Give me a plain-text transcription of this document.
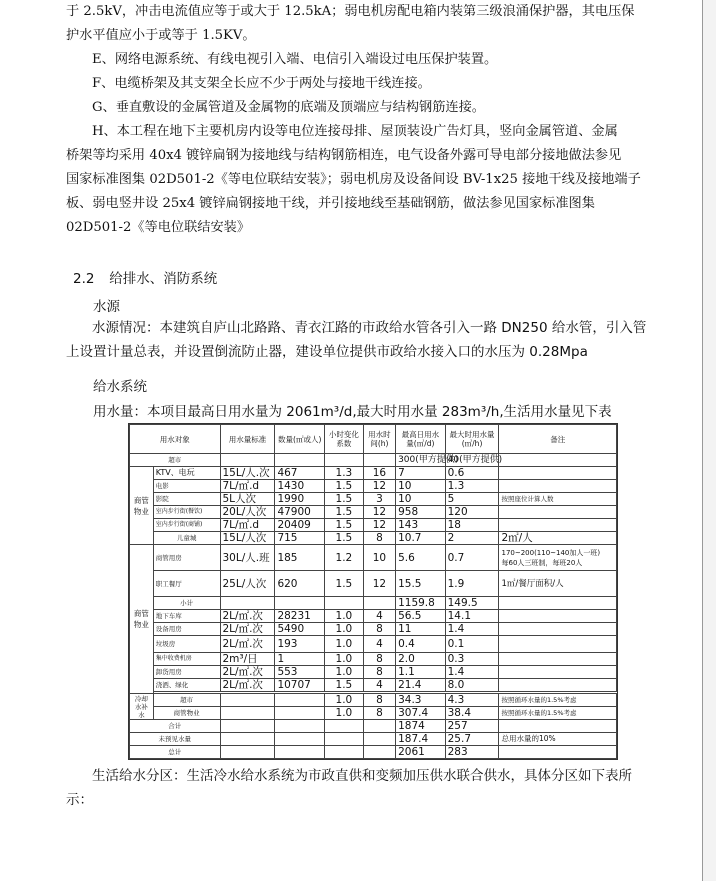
于 2.5kV，冲击电流值应等于或大于 12.5kA；弱电机房配电箱内装第三级浪涌保护器，其电压保
护水平值应小于或等于 1.5KV。
E、网络电源系统、有线电视引入端、电信引入端设过电压保护装置。
F、电缆桥架及其支架全长应不少于两处与接地干线连接。
G、垂直敷设的金属管道及金属物的底端及顶端应与结构钢筋连接。
H、本工程在地下主要机房内设等电位连接母排、屋顶装设广告灯具，竖向金属管道、金属
桥架等均采用 40x4 镀锌扁钢为接地线与结构钢筋相连，电气设备外露可导电部分接地做法参见
国家标准图集 02D501-2《等电位联结安装》；弱电机房及设备间设 BV-1x25 接地干线及接地端子
板、弱电竖井设 25x4 镀锌扁钢接地干线，并引接地线至基础钢筋，做法参见国家标准图集
02D501-2《等电位联结安装》
2.2 给排水、消防系统
水源
水源情况：本建筑自庐山北路路、青衣江路的市政给水管各引入一路 DN250 给水管，引入管
上设置计量总表，并设置倒流防止器，建设单位提供市政给水接入口的水压为 0.28Mpa
给水系统
用水量：本项目最高日用水量为 2061m³/d,最大时用水量 283m³/h,生活用水量见下表
用水对象		用水量标准	数量(㎡或人)	小时变化系数	用水时间(h)	最高日用水量(㎥/d)	最大时用水量(㎥/h)	备注
超市						300(甲方提供)	40(甲方提供)	
商管物业	KTV、电玩	15L/人.次	467	1.3	16	7	0.6	
	电影	7L/㎡.d	1430	1.5	12	10	1.3	
	影院	5L人次	1990	1.5	3	10	5	按照座位计算人数
	室内步行街(餐饮)	20L/人次	47900	1.5	12	958	120	
	室内步行街(商铺)	7L/㎡.d	20409	1.5	12	143	18	
	儿童城	15L/人次	715	1.5	8	10.7	2	2㎡/人
商管物业	商管用房	30L/人.班	185	1.2	10	5.6	0.7	170~200(110~140加人一班)
每60人三班制，每班20人
	职工餐厅	25L/人次	620	1.5	12	15.5	1.9	1㎡/餐厅面积/人
	小计					1159.8	149.5	
	地下车库	2L/㎡.次	28231	1.0	4	56.5	14.1	
	设备用房	2L/㎡.次	5490	1.0	8	11	1.4	
	垃圾房	2L/㎡.次	193	1.0	4	0.4	0.1	
	集中收费机房	2m³/日	1	1.0	8	2.0	0.3	
	卸货用房	2L/㎡.次	553	1.0	8	1.1	1.4	
	浇洒、绿化	2L/㎡.次	10707	1.5	4	21.4	8.0	

冷却水补水	超市			1.0	8	34.3	4.3	按照循环水量的1.5%考虑
	商管物业			1.0	8	307.4	38.4	按照循环水量的1.5%考虑
合计						1874	257	
未预见水量						187.4	25.7	总用水量的10%
总计						2061	283	
生活给水分区：生活冷水给水系统为市政直供和变频加压供水联合供水，具体分区如下表所
示：
